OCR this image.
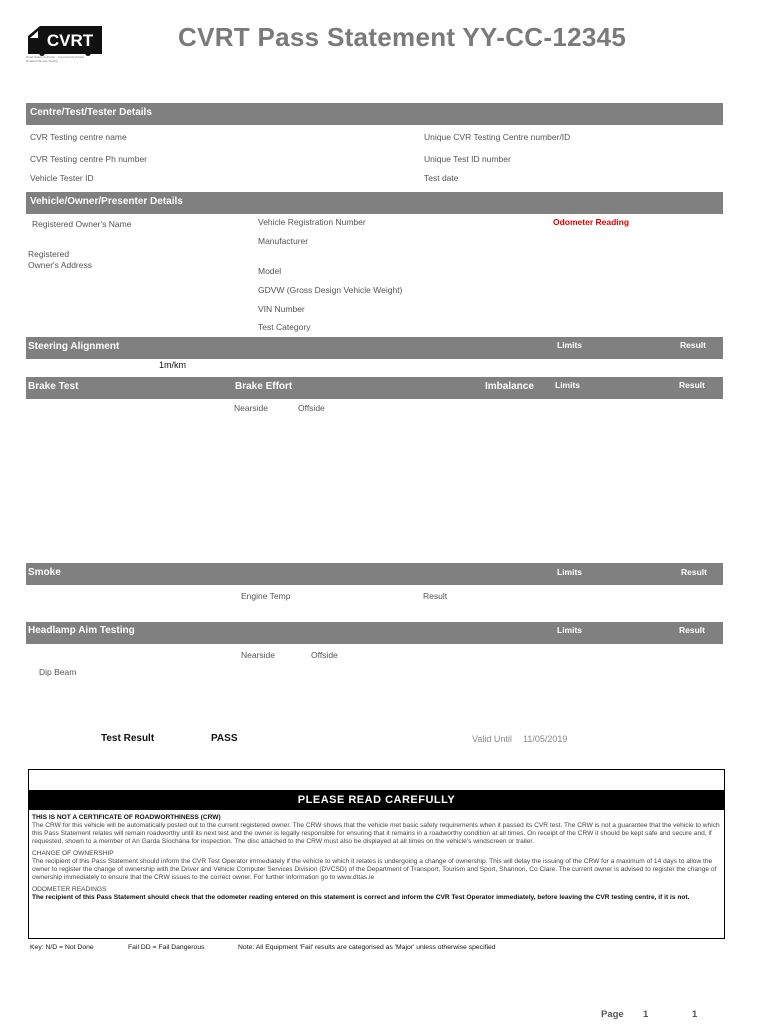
CVRT
Road Safety Authority · Commercial Vehicle Roadworthiness Testing
CVRT Pass Statement YY-CC-12345
Centre/Test/Tester Details
CVR Testing centre name	Unique CVR Testing Centre number/ID
CVR Testing centre Ph number	Unique Test ID number
Vehicle Tester ID	Test date
Vehicle/Owner/Presenter Details
Registered Owner's Name	Vehicle Registration Number	Odometer Reading
Manufacturer
Registered
Owner's Address
Model
GDVW (Gross Design Vehicle Weight)
VIN Number
Test Category
Steering Alignment	Limits	Result
1m/km
Brake Test	Brake Effort	Imbalance Limits	Result
Nearside	Offside
Smoke	Limits	Result
Engine Temp	Result
Headlamp Aim Testing	Limits	Result
Nearside	Offside
Dip Beam
Test Result	PASS	Valid Until 11/05/2019
PLEASE READ CAREFULLY

THIS IS NOT A CERTIFICATE OF ROADWORTHINESS (CRW)
The CRW for this vehicle will be automatically posted out to the current registered owner. The CRW shows that the vehicle met basic safety requirements when it passed its CVR test. The CRW is not a guarantee that the vehicle to which this Pass Statement relates will remain roadworthy until its next test and the owner is legally responsible for ensuring that it remains in a roadworthy condition at all times. On receipt of the CRW it should be kept safe and secure and, if requested, shown to a member of An Garda Síochána for inspection. The disc attached to the CRW must also be displayed at all times on the vehicle's windscreen or trailer.

CHANGE OF OWNERSHIP
The recipient of this Pass Statement should inform the CVR Test Operator immediately if the vehicle to which it relates is undergoing a change of ownership. This will delay the issuing of the CRW for a maximum of 14 days to allow the owner to register the change of ownership with the Driver and Vehicle Computer Services Division (DVCSD) of the Department of Transport, Tourism and Sport, Shannon, Co Clare. The current owner is advised to register the change of ownership immediately to ensure that the CRW issues to the correct owner. For further information go to www.dttas.ie

ODOMETER READINGS
The recipient of this Pass Statement should check that the odometer reading entered on this statement is correct and inform the CVR Test Operator immediately, before leaving the CVR testing centre, if it is not.

Key: N/D = Not Done	Fail DD = Fail Dangerous	Note: All Equipment 'Fail' results are categorised as 'Major' unless otherwise specified
Page 1	1
